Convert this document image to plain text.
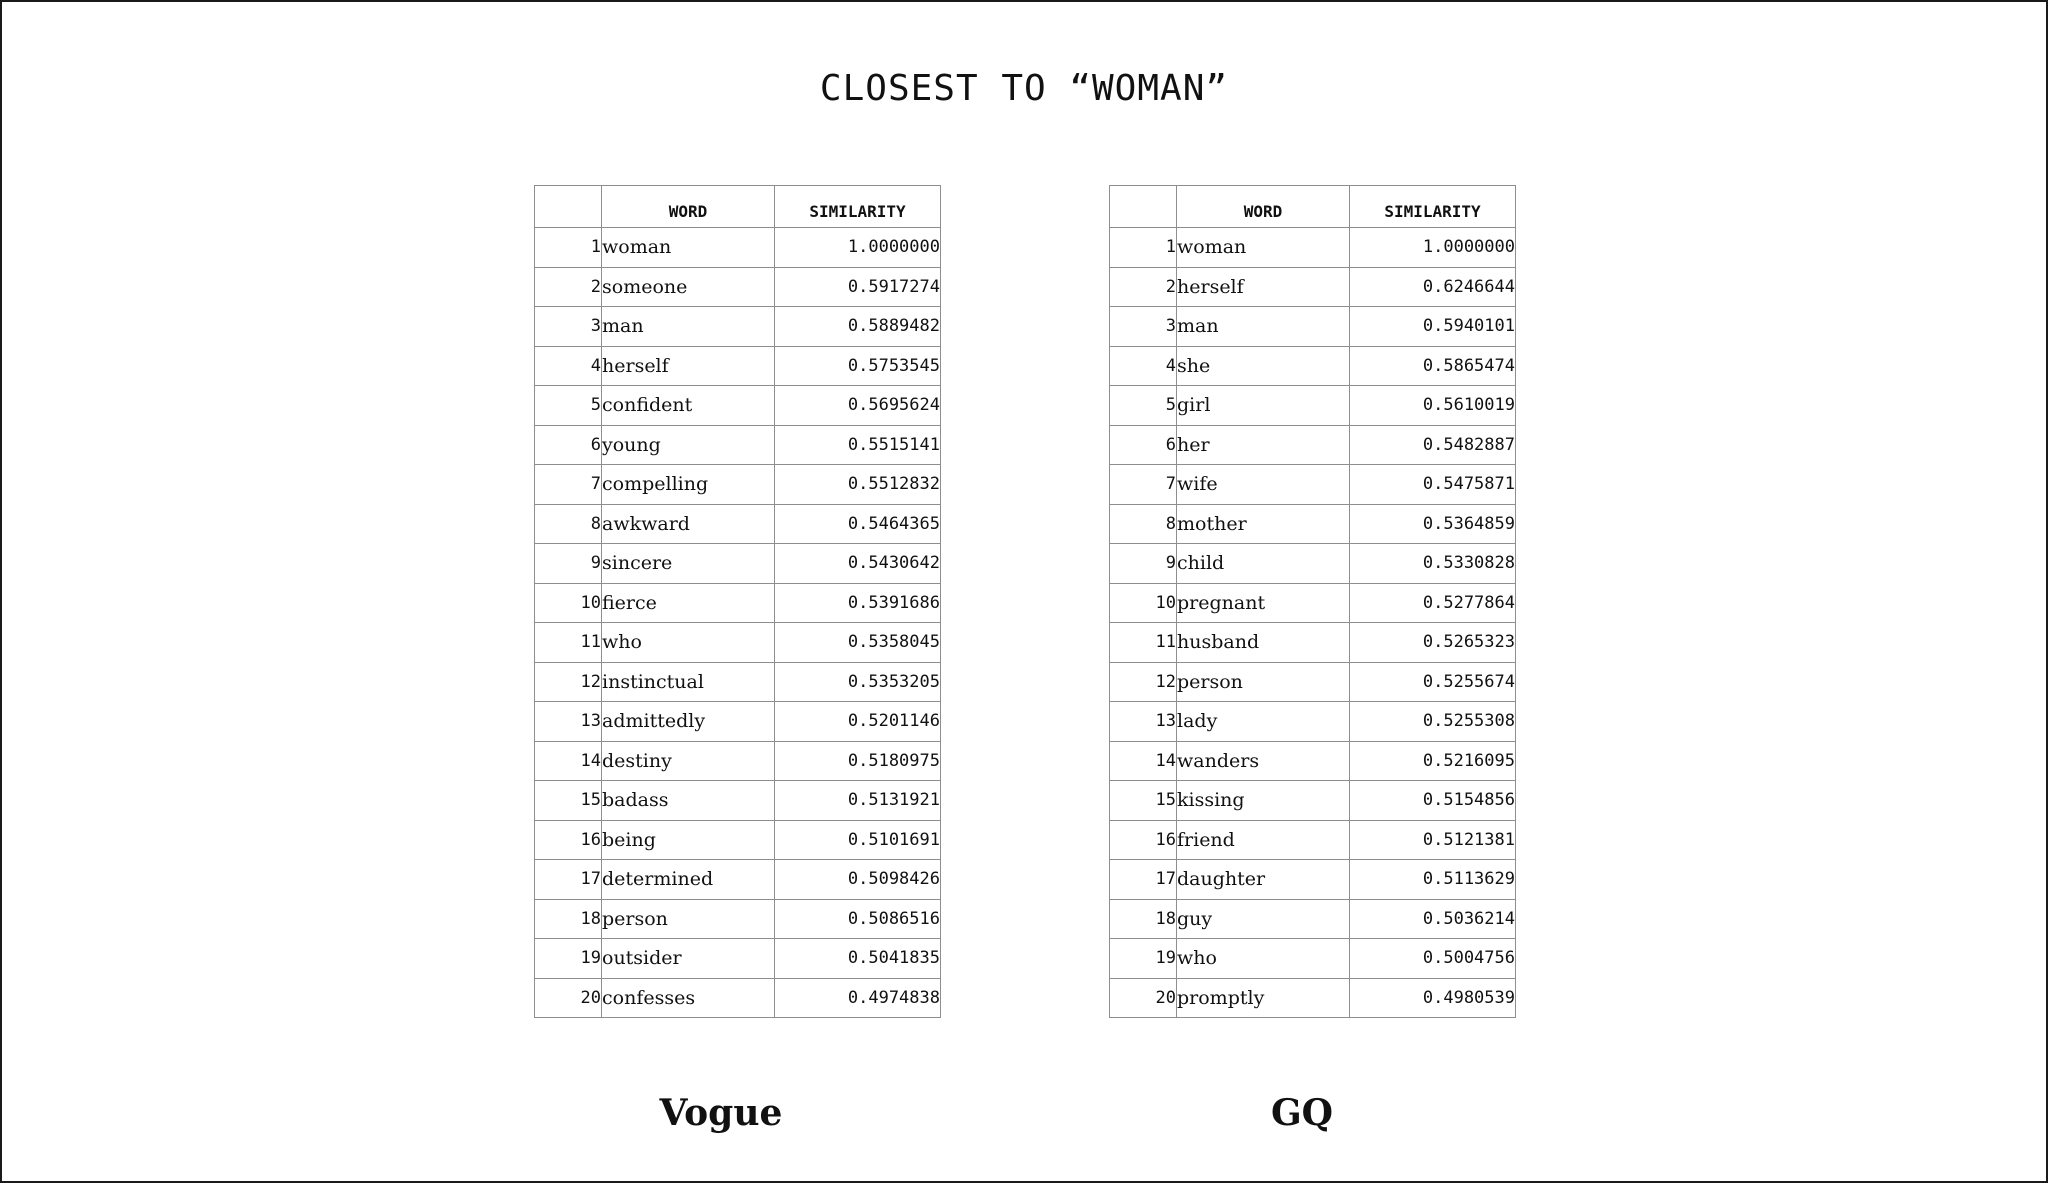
CLOSEST TO “WOMAN”
	WORD	SIMILARITY
1	woman	1.0000000
2	someone	0.5917274
3	man	0.5889482
4	herself	0.5753545
5	confident	0.5695624
6	young	0.5515141
7	compelling	0.5512832
8	awkward	0.5464365
9	sincere	0.5430642
10	fierce	0.5391686
11	who	0.5358045
12	instinctual	0.5353205
13	admittedly	0.5201146
14	destiny	0.5180975
15	badass	0.5131921
16	being	0.5101691
17	determined	0.5098426
18	person	0.5086516
19	outsider	0.5041835
20	confesses	0.4974838
	WORD	SIMILARITY
1	woman	1.0000000
2	herself	0.6246644
3	man	0.5940101
4	she	0.5865474
5	girl	0.5610019
6	her	0.5482887
7	wife	0.5475871
8	mother	0.5364859
9	child	0.5330828
10	pregnant	0.5277864
11	husband	0.5265323
12	person	0.5255674
13	lady	0.5255308
14	wanders	0.5216095
15	kissing	0.5154856
16	friend	0.5121381
17	daughter	0.5113629
18	guy	0.5036214
19	who	0.5004756
20	promptly	0.4980539
Vogue	GQ
